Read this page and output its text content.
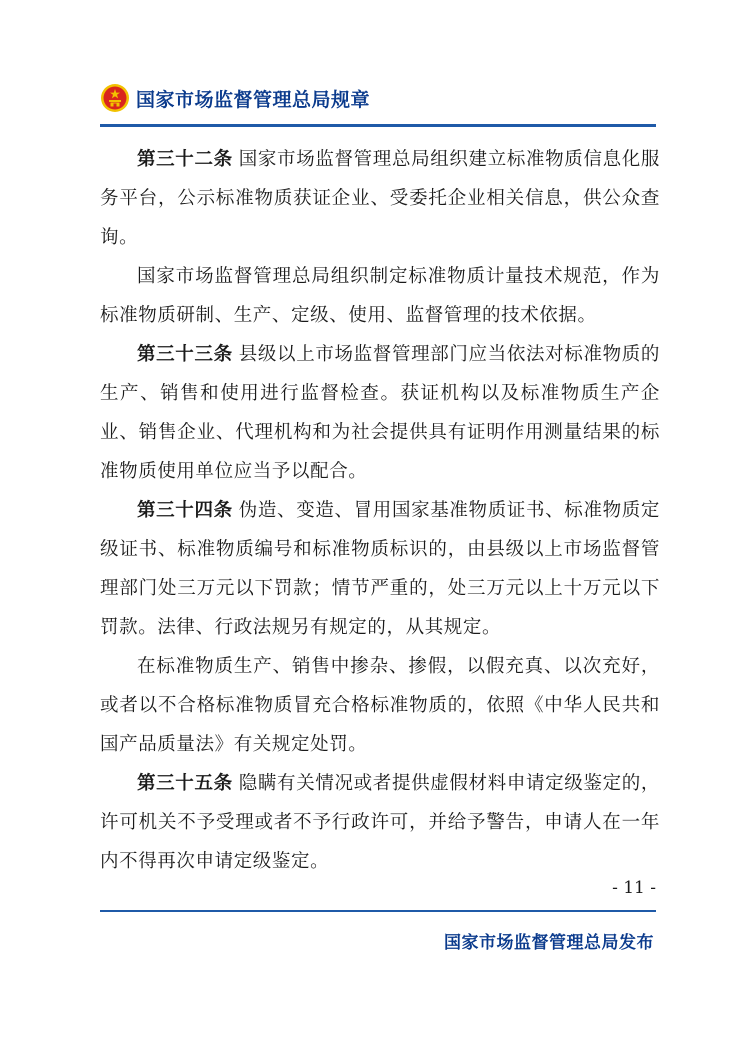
国家市场监督管理总局规章

第三十二条 国家市场监督管理总局组织建立标准物质信息化服务平台，公示标准物质获证企业、受委托企业相关信息，供公众查询。

国家市场监督管理总局组织制定标准物质计量技术规范，作为标准物质研制、生产、定级、使用、监督管理的技术依据。

第三十三条 县级以上市场监督管理部门应当依法对标准物质的生产、销售和使用进行监督检查。获证机构以及标准物质生产企业、销售企业、代理机构和为社会提供具有证明作用测量结果的标准物质使用单位应当予以配合。

第三十四条 伪造、变造、冒用国家基准物质证书、标准物质定级证书、标准物质编号和标准物质标识的，由县级以上市场监督管理部门处三万元以下罚款；情节严重的，处三万元以上十万元以下罚款。法律、行政法规另有规定的，从其规定。

在标准物质生产、销售中掺杂、掺假，以假充真、以次充好，或者以不合格标准物质冒充合格标准物质的，依照《中华人民共和国产品质量法》有关规定处罚。

第三十五条 隐瞒有关情况或者提供虚假材料申请定级鉴定的，许可机关不予受理或者不予行政许可，并给予警告，申请人在一年内不得再次申请定级鉴定。

- 11 -
国家市场监督管理总局发布
